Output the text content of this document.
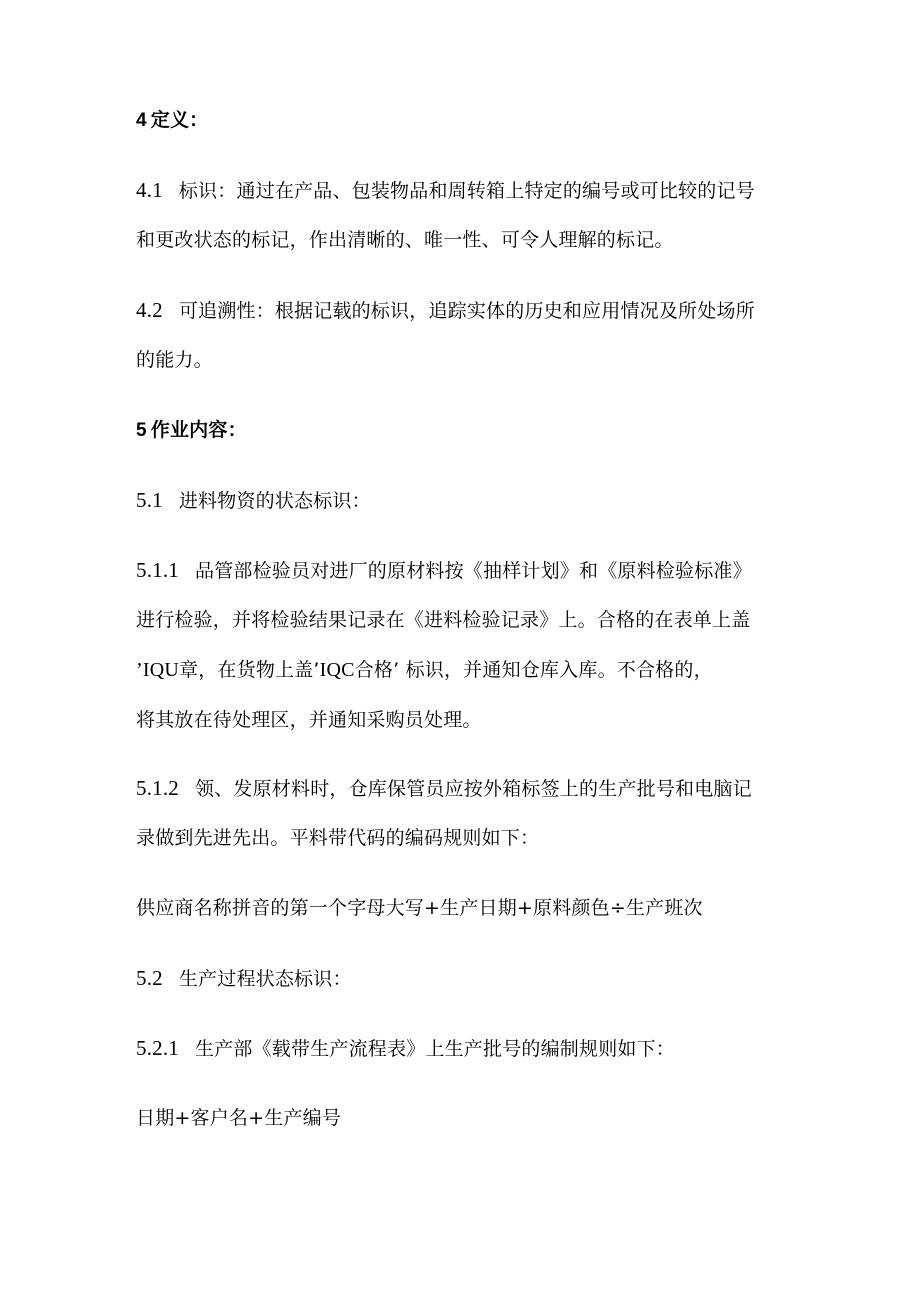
4 定义：
4.1 标识：通过在产品、包装物品和周转箱上特定的编号或可比较的记号
和更改状态的标记，作出清晰的、唯一性、可令人理解的标记。
4.2 可追溯性：根据记载的标识，追踪实体的历史和应用情况及所处场所
的能力。
5 作业内容：
5.1 进料物资的状态标识：
5.1.1 品管部检验员对进厂的原材料按《抽样计划》和《原料检验标准》
进行检验，并将检验结果记录在《进料检验记录》上。合格的在表单上盖
’IQU章，在货物上盖’IQC合格’ 标识，并通知仓库入库。不合格的，
将其放在待处理区，并通知采购员处理。
5.1.2 领、发原材料时，仓库保管员应按外箱标签上的生产批号和电脑记
录做到先进先出。平料带代码的编码规则如下：
供应商名称拼音的第一个字母大写+生产日期+原料颜色÷生产班次
5.2 生产过程状态标识：
5.2.1 生产部《载带生产流程表》上生产批号的编制规则如下：
日期+客户名+生产编号
